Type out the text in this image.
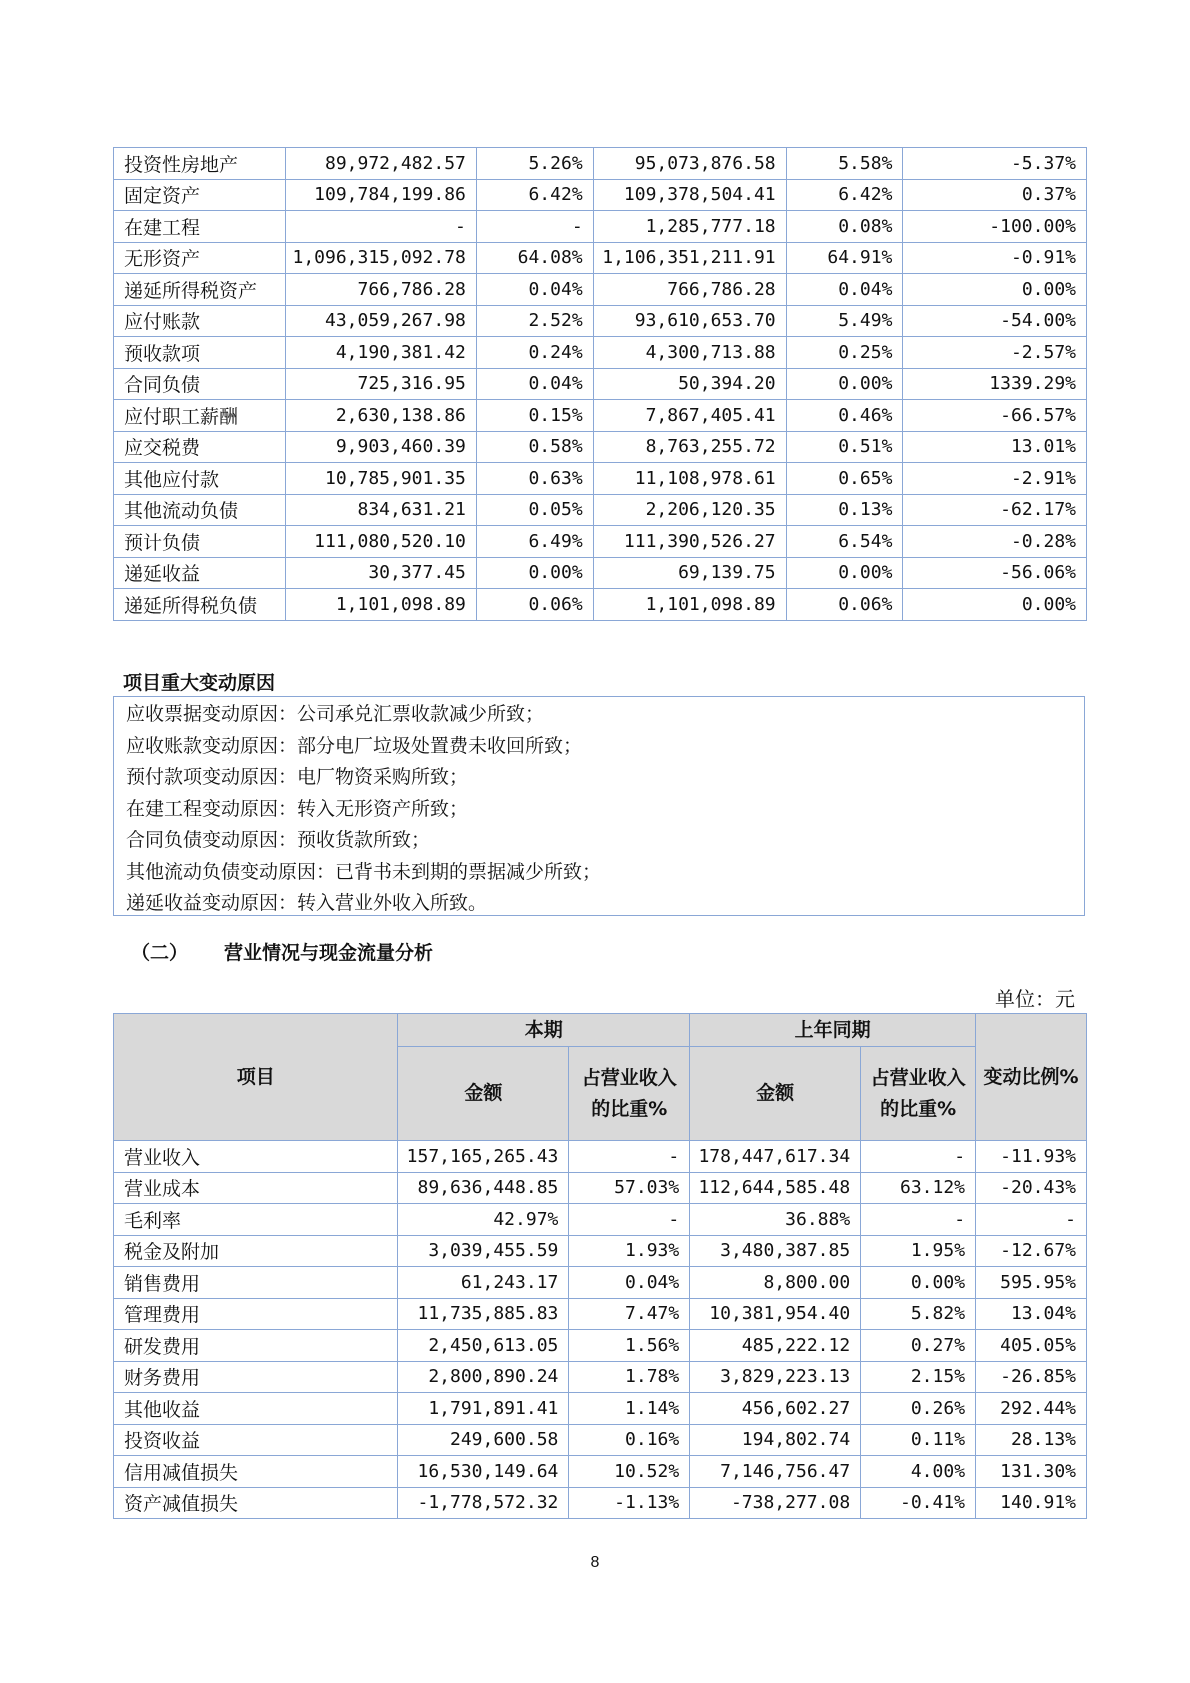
投资性房地产	89,972,482.57	5.26%	95,073,876.58	5.58%	-5.37%
固定资产	109,784,199.86	6.42%	109,378,504.41	6.42%	0.37%
在建工程	-	-	1,285,777.18	0.08%	-100.00%
无形资产	1,096,315,092.78	64.08%	1,106,351,211.91	64.91%	-0.91%
递延所得税资产	766,786.28	0.04%	766,786.28	0.04%	0.00%
应付账款	43,059,267.98	2.52%	93,610,653.70	5.49%	-54.00%
预收款项	4,190,381.42	0.24%	4,300,713.88	0.25%	-2.57%
合同负债	725,316.95	0.04%	50,394.20	0.00%	1339.29%
应付职工薪酬	2,630,138.86	0.15%	7,867,405.41	0.46%	-66.57%
应交税费	9,903,460.39	0.58%	8,763,255.72	0.51%	13.01%
其他应付款	10,785,901.35	0.63%	11,108,978.61	0.65%	-2.91%
其他流动负债	834,631.21	0.05%	2,206,120.35	0.13%	-62.17%
预计负债	111,080,520.10	6.49%	111,390,526.27	6.54%	-0.28%
递延收益	30,377.45	0.00%	69,139.75	0.00%	-56.06%
递延所得税负债	1,101,098.89	0.06%	1,101,098.89	0.06%	0.00%
项目重大变动原因
应收票据变动原因：公司承兑汇票收款减少所致；
应收账款变动原因：部分电厂垃圾处置费未收回所致；
预付款项变动原因：电厂物资采购所致；
在建工程变动原因：转入无形资产所致；
合同负债变动原因：预收货款所致；
其他流动负债变动原因：已背书未到期的票据减少所致；
递延收益变动原因：转入营业外收入所致。
（二） 营业情况与现金流量分析
单位：元
项目	本期		上年同期		变动比例%
	金额	占营业收入的比重%	金额	占营业收入的比重%	
营业收入	157,165,265.43	-	178,447,617.34	-	-11.93%
营业成本	89,636,448.85	57.03%	112,644,585.48	63.12%	-20.43%
毛利率	42.97%	-	36.88%	-	-
税金及附加	3,039,455.59	1.93%	3,480,387.85	1.95%	-12.67%
销售费用	61,243.17	0.04%	8,800.00	0.00%	595.95%
管理费用	11,735,885.83	7.47%	10,381,954.40	5.82%	13.04%
研发费用	2,450,613.05	1.56%	485,222.12	0.27%	405.05%
财务费用	2,800,890.24	1.78%	3,829,223.13	2.15%	-26.85%
其他收益	1,791,891.41	1.14%	456,602.27	0.26%	292.44%
投资收益	249,600.58	0.16%	194,802.74	0.11%	28.13%
信用减值损失	16,530,149.64	10.52%	7,146,756.47	4.00%	131.30%
资产减值损失	-1,778,572.32	-1.13%	-738,277.08	-0.41%	140.91%
8
